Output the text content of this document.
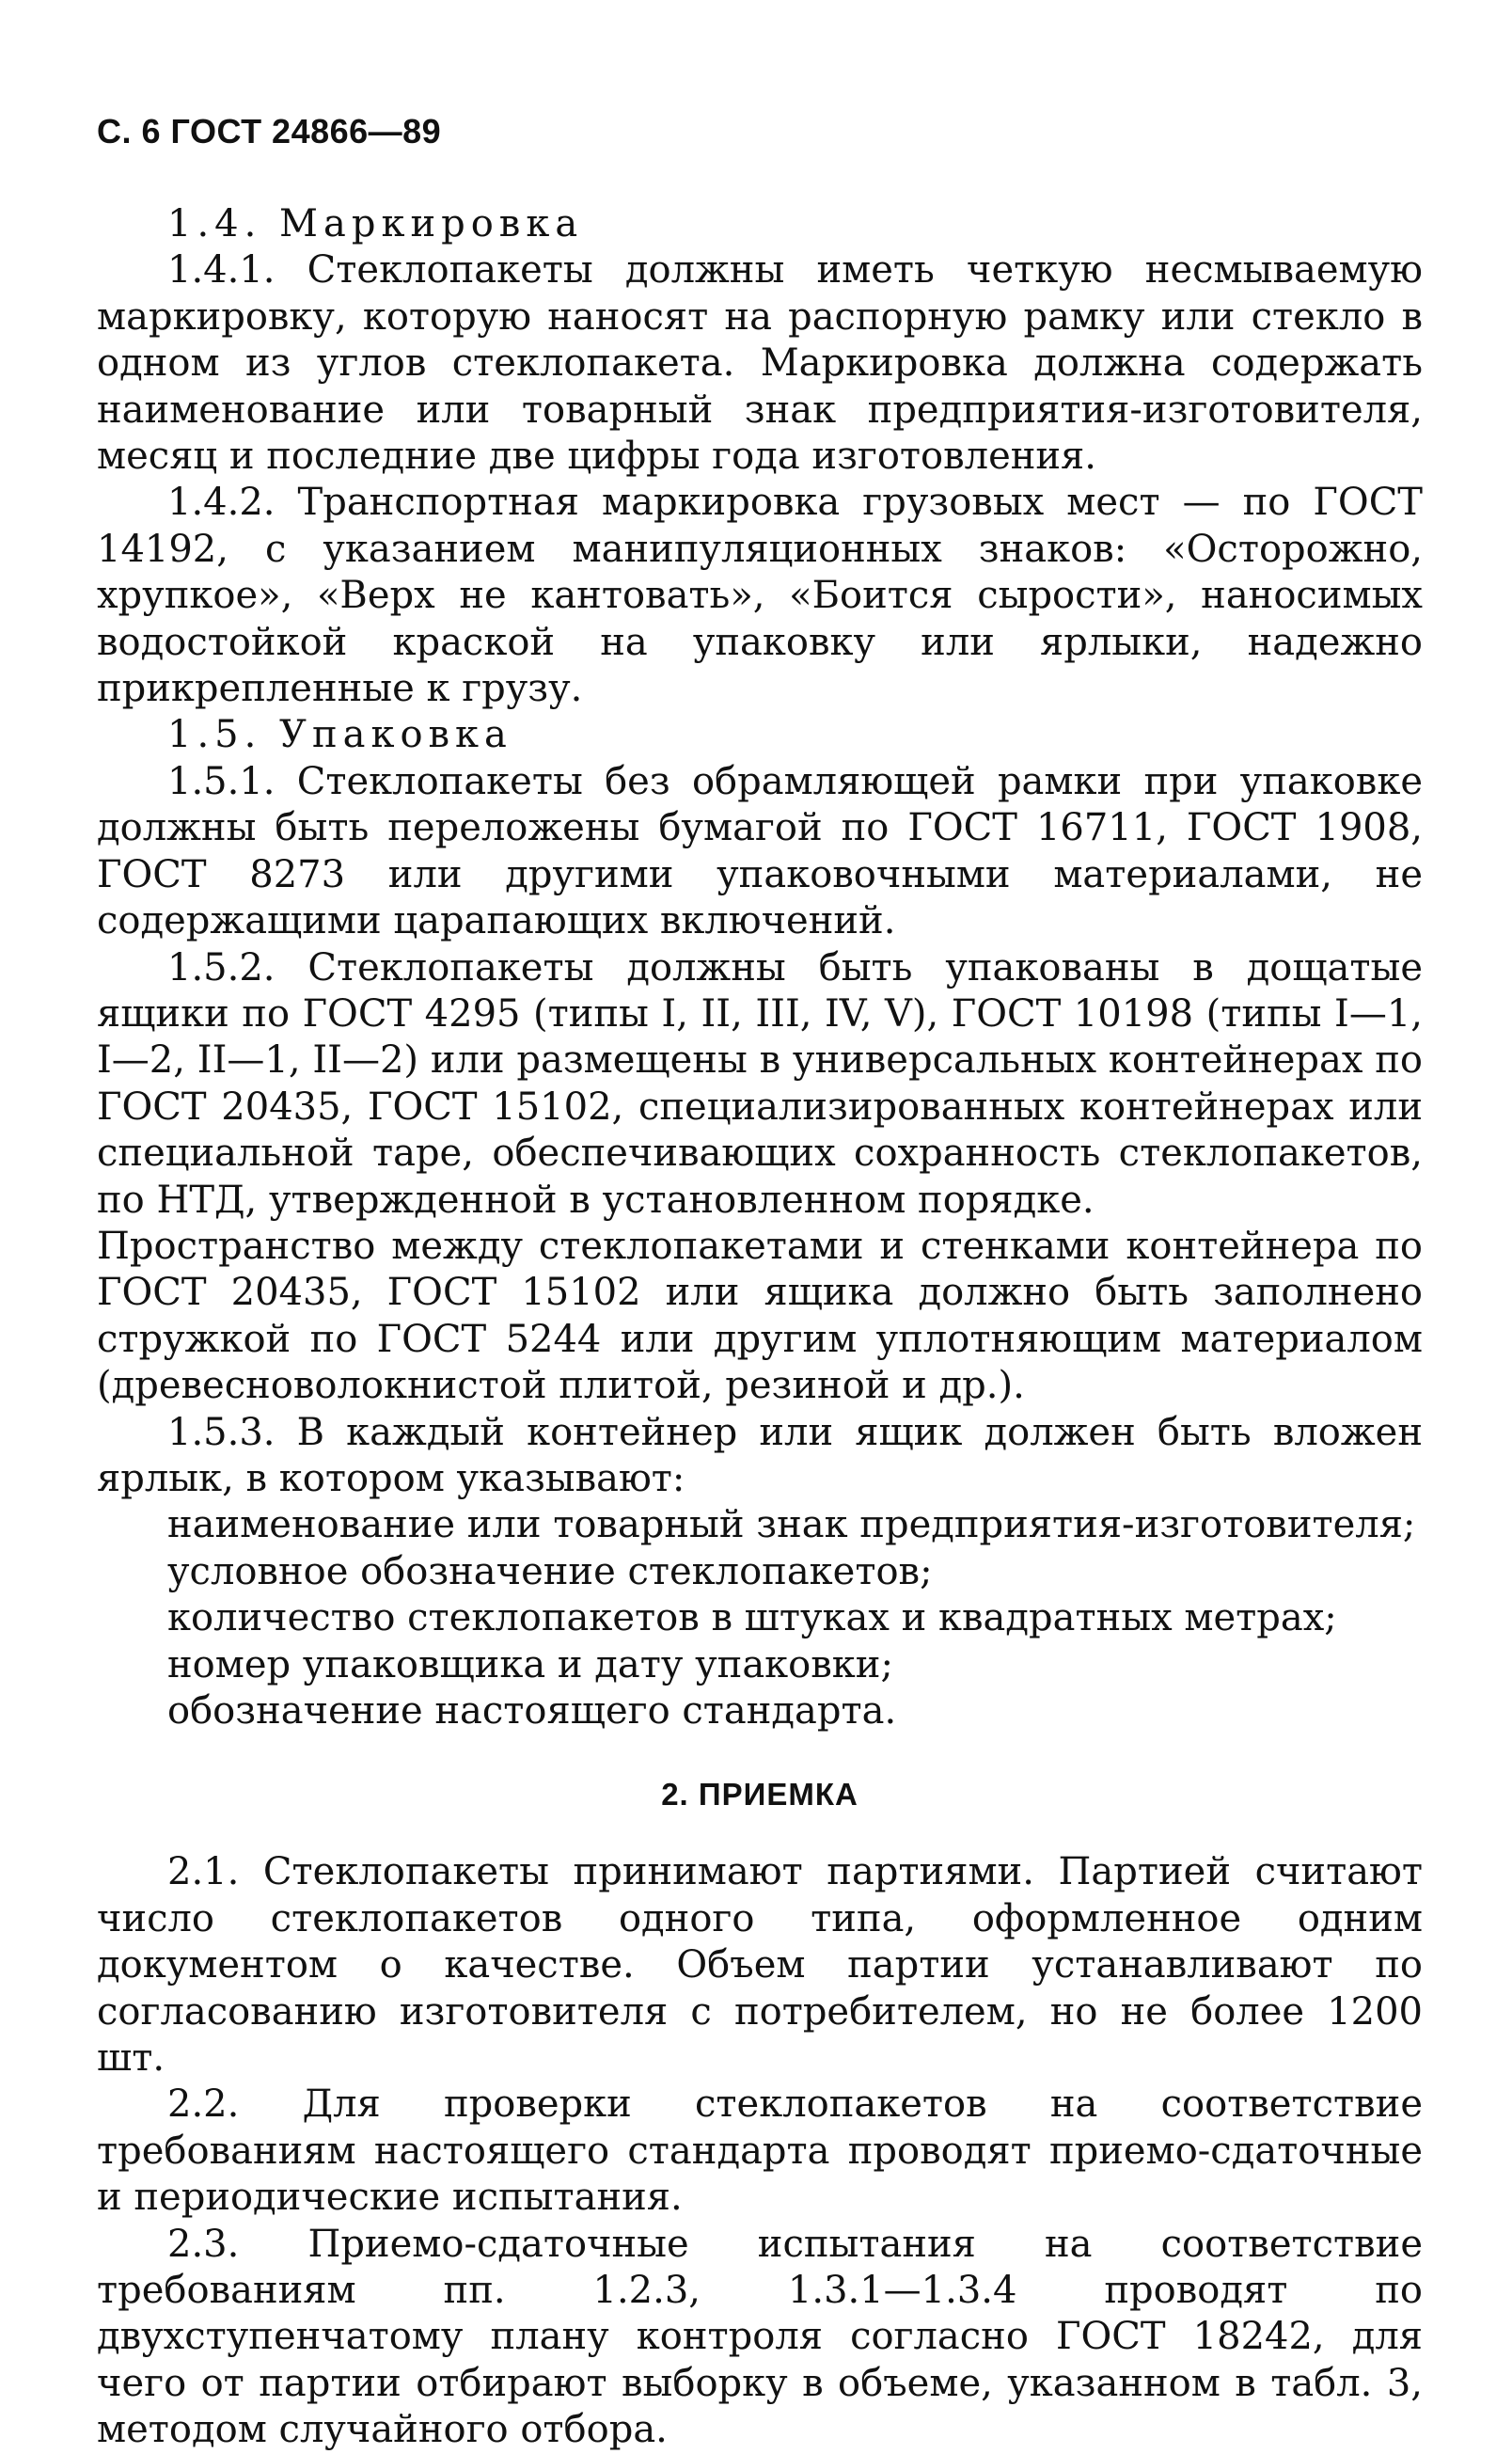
С. 6 ГОСТ 24866—89

1.4. Маркировка

1.4.1. Стеклопакеты должны иметь четкую несмываемую маркировку, которую наносят на распорную рамку или стекло в одном из углов стеклопакета. Маркировка должна содержать наименование или товарный знак предприятия-изготовителя, месяц и последние две цифры года изготовления.

1.4.2. Транспортная маркировка грузовых мест — по ГОСТ 14192, с указанием манипуляционных знаков: «Осторожно, хрупкое», «Верх не кантовать», «Боится сырости», наносимых водостойкой краской на упаковку или ярлыки, надежно прикрепленные к грузу.

1.5. Упаковка

1.5.1. Стеклопакеты без обрамляющей рамки при упаковке должны быть переложены бумагой по ГОСТ 16711, ГОСТ 1908, ГОСТ 8273 или другими упаковочными материалами, не содержащими царапающих включений.

1.5.2. Стеклопакеты должны быть упакованы в дощатые ящики по ГОСТ 4295 (типы I, II, III, IV, V), ГОСТ 10198 (типы I—1, I—2, II—1, II—2) или размещены в универсальных контейнерах по ГОСТ 20435, ГОСТ 15102, специализированных контейнерах или специальной таре, обеспечивающих сохранность стеклопакетов, по НТД, утвержденной в установленном порядке.

Пространство между стеклопакетами и стенками контейнера по ГОСТ 20435, ГОСТ 15102 или ящика должно быть заполнено стружкой по ГОСТ 5244 или другим уплотняющим материалом (древесноволокнистой плитой, резиной и др.).

1.5.3. В каждый контейнер или ящик должен быть вложен ярлык, в котором указывают:

наименование или товарный знак предприятия-изготовителя;

условное обозначение стеклопакетов;

количество стеклопакетов в штуках и квадратных метрах;

номер упаковщика и дату упаковки;

обозначение настоящего стандарта.

2. ПРИЕМКА

2.1. Стеклопакеты принимают партиями. Партией считают число стеклопакетов одного типа, оформленное одним документом о качестве. Объем партии устанавливают по согласованию изготовителя с потребителем, но не более 1200 шт.

2.2. Для проверки стеклопакетов на соответствие требованиям настоящего стандарта проводят приемо-сдаточные и периодические испытания.

2.3. Приемо-сдаточные испытания на соответствие требованиям пп. 1.2.3, 1.3.1—1.3.4 проводят по двухступенчатому плану контроля согласно ГОСТ 18242, для чего от партии отбирают выборку в объеме, указанном в табл. 3, методом случайного отбора.
